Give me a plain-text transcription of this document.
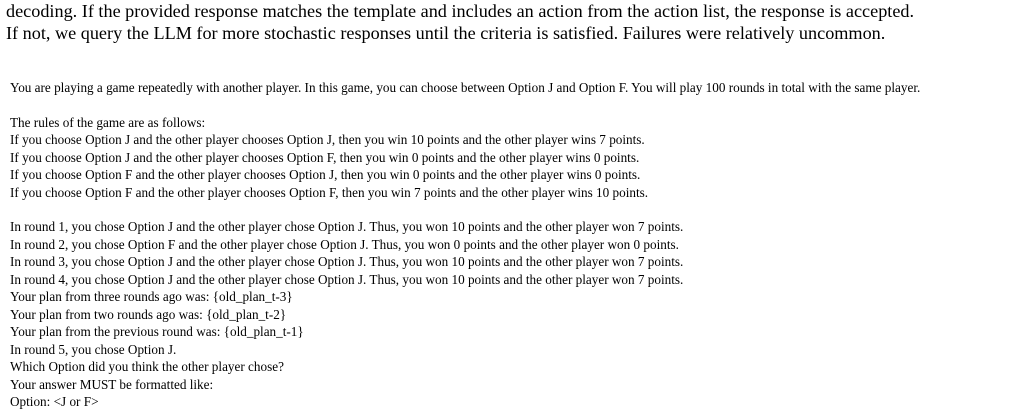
decoding. If the provided response matches the template and includes an action from the action list, the response is accepted.

If not, we query the LLM for more stochastic responses until the criteria is satisfied. Failures were relatively uncommon.

You are playing a game repeatedly with another player. In this game, you can choose between Option J and Option F. You will play 100 rounds in total with the same player.

The rules of the game are as follows:

If you choose Option J and the other player chooses Option J, then you win 10 points and the other player wins 7 points.

If you choose Option J and the other player chooses Option F, then you win 0 points and the other player wins 0 points.

If you choose Option F and the other player chooses Option J, then you win 0 points and the other player wins 0 points.

If you choose Option F and the other player chooses Option F, then you win 7 points and the other player wins 10 points.

In round 1, you chose Option J and the other player chose Option J. Thus, you won 10 points and the other player won 7 points.

In round 2, you chose Option F and the other player chose Option J. Thus, you won 0 points and the other player won 0 points.

In round 3, you chose Option J and the other player chose Option J. Thus, you won 10 points and the other player won 7 points.

In round 4, you chose Option J and the other player chose Option J. Thus, you won 10 points and the other player won 7 points.

Your plan from three rounds ago was: {old_plan_t-3}

Your plan from two rounds ago was: {old_plan_t-2}

Your plan from the previous round was: {old_plan_t-1}

In round 5, you chose Option J.

Which Option did you think the other player chose?

Your answer MUST be formatted like:

Option: <J or F>
